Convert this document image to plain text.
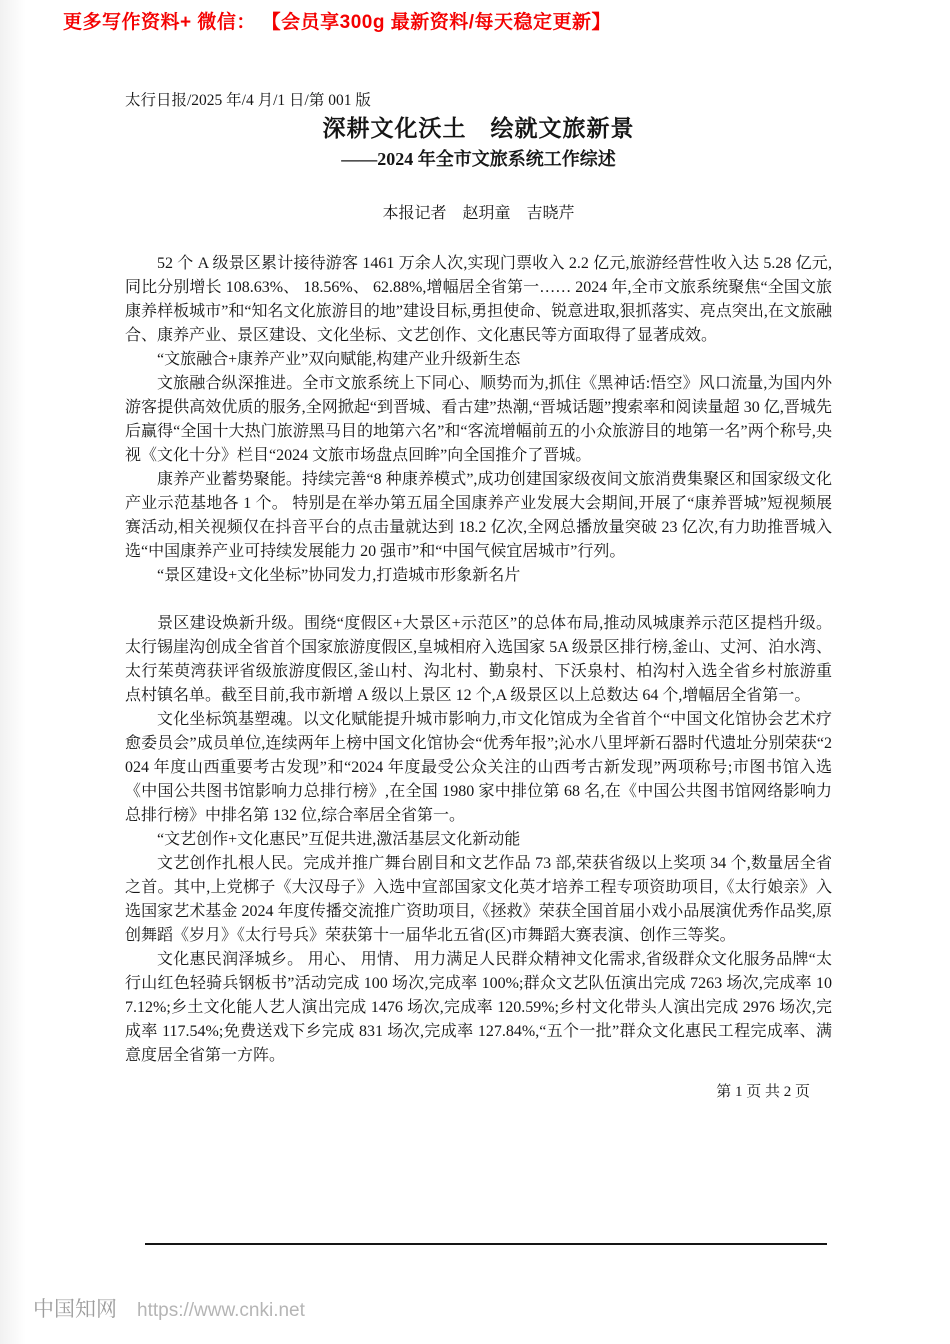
更多写作资料+ 微信： 【会员享300g 最新资料/每天稳定更新】
太行日报/2025 年/4 月/1 日/第 001 版
深耕文化沃土　绘就文旅新景
——2024 年全市文旅系统工作综述
本报记者　赵玥童　吉晓芹

52 个 A 级景区累计接待游客 1461 万余人次,实现门票收入 2.2 亿元,旅游经营性收入达 5.28 亿元,同比分别增长 108.63%、 18.56%、 62.88%,增幅居全省第一…… 2024 年,全市文旅系统聚焦“全国文旅康养样板城市”和“知名文化旅游目的地”建设目标,勇担使命、锐意进取,狠抓落实、亮点突出,在文旅融合、康养产业、景区建设、文化坐标、文艺创作、文化惠民等方面取得了显著成效。

“文旅融合+康养产业”双向赋能,构建产业升级新生态

文旅融合纵深推进。全市文旅系统上下同心、顺势而为,抓住《黑神话:悟空》风口流量,为国内外游客提供高效优质的服务,全网掀起“到晋城、看古建”热潮,“晋城话题”搜索率和阅读量超 30 亿,晋城先后赢得“全国十大热门旅游黑马目的地第六名”和“客流增幅前五的小众旅游目的地第一名”两个称号,央视《文化十分》栏目“2024 文旅市场盘点回眸”向全国推介了晋城。

康养产业蓄势聚能。持续完善“8 种康养模式”,成功创建国家级夜间文旅消费集聚区和国家级文化产业示范基地各 1 个。 特别是在举办第五届全国康养产业发展大会期间,开展了“康养晋城”短视频展赛活动,相关视频仅在抖音平台的点击量就达到 18.2 亿次,全网总播放量突破 23 亿次,有力助推晋城入选“中国康养产业可持续发展能力 20 强市”和“中国气候宜居城市”行列。

“景区建设+文化坐标”协同发力,打造城市形象新名片

景区建设焕新升级。围绕“度假区+大景区+示范区”的总体布局,推动凤城康养示范区提档升级。太行锡崖沟创成全省首个国家旅游度假区,皇城相府入选国家 5A 级景区排行榜,釜山、丈河、泊水湾、太行茱萸湾获评省级旅游度假区,釜山村、沟北村、勤泉村、下沃泉村、柏沟村入选全省乡村旅游重点村镇名单。截至目前,我市新增 A 级以上景区 12 个,A 级景区以上总数达 64 个,增幅居全省第一。

文化坐标筑基塑魂。以文化赋能提升城市影响力,市文化馆成为全省首个“中国文化馆协会艺术疗愈委员会”成员单位,连续两年上榜中国文化馆协会“优秀年报”;沁水八里坪新石器时代遗址分别荣获“2024 年度山西重要考古发现”和“2024 年度最受公众关注的山西考古新发现”两项称号;市图书馆入选《中国公共图书馆影响力总排行榜》,在全国 1980 家中排位第 68 名,在《中国公共图书馆网络影响力总排行榜》中排名第 132 位,综合率居全省第一。

“文艺创作+文化惠民”互促共进,激活基层文化新动能

文艺创作扎根人民。完成并推广舞台剧目和文艺作品 73 部,荣获省级以上奖项 34 个,数量居全省之首。其中,上党梆子《大汉母子》入选中宣部国家文化英才培养工程专项资助项目,《太行娘亲》入选国家艺术基金 2024 年度传播交流推广资助项目,《拯救》荣获全国首届小戏小品展演优秀作品奖,原创舞蹈《岁月》《太行号兵》荣获第十一届华北五省(区)市舞蹈大赛表演、创作三等奖。

文化惠民润泽城乡。 用心、 用情、 用力满足人民群众精神文化需求,省级群众文化服务品牌“太行山红色轻骑兵钢板书”活动完成 100 场次,完成率 100%;群众文艺队伍演出完成 7263 场次,完成率 107.12%;乡土文化能人艺人演出完成 1476 场次,完成率 120.59%;乡村文化带头人演出完成 2976 场次,完成率 117.54%;免费送戏下乡完成 831 场次,完成率 127.84%,“五个一批”群众文化惠民工程完成率、满意度居全省第一方阵。

第 1 页 共 2 页
中国知网 https://www.cnki.net
